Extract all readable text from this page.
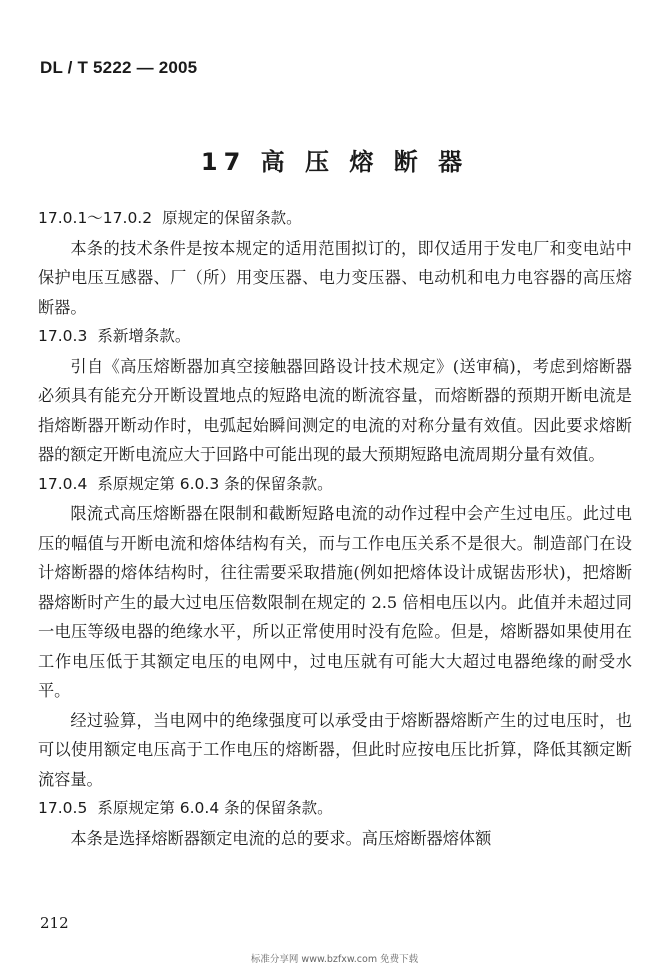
DL / T 5222 — 2005
17 高 压 熔 断 器

17.0.1～17.0.2 原规定的保留条款。

本条的技术条件是按本规定的适用范围拟订的，即仅适用于发电厂和变电站中保护电压互感器、厂（所）用变压器、电力变压器、电动机和电力电容器的高压熔断器。

17.0.3 系新增条款。

引自《高压熔断器加真空接触器回路设计技术规定》(送审稿)，考虑到熔断器必须具有能充分开断设置地点的短路电流的断流容量，而熔断器的预期开断电流是指熔断器开断动作时，电弧起始瞬间测定的电流的对称分量有效值。因此要求熔断器的额定开断电流应大于回路中可能出现的最大预期短路电流周期分量有效值。

17.0.4 系原规定第 6.0.3 条的保留条款。

限流式高压熔断器在限制和截断短路电流的动作过程中会产生过电压。此过电压的幅值与开断电流和熔体结构有关，而与工作电压关系不是很大。制造部门在设计熔断器的熔体结构时，往往需要采取措施(例如把熔体设计成锯齿形状)，把熔断器熔断时产生的最大过电压倍数限制在规定的 2.5 倍相电压以内。此值并未超过同一电压等级电器的绝缘水平，所以正常使用时没有危险。但是，熔断器如果使用在工作电压低于其额定电压的电网中，过电压就有可能大大超过电器绝缘的耐受水平。

经过验算，当电网中的绝缘强度可以承受由于熔断器熔断产生的过电压时，也可以使用额定电压高于工作电压的熔断器，但此时应按电压比折算，降低其额定断流容量。

17.0.5 系原规定第 6.0.4 条的保留条款。

本条是选择熔断器额定电流的总的要求。高压熔断器熔体额

212
标准分享网 www.bzfxw.com 免费下载
